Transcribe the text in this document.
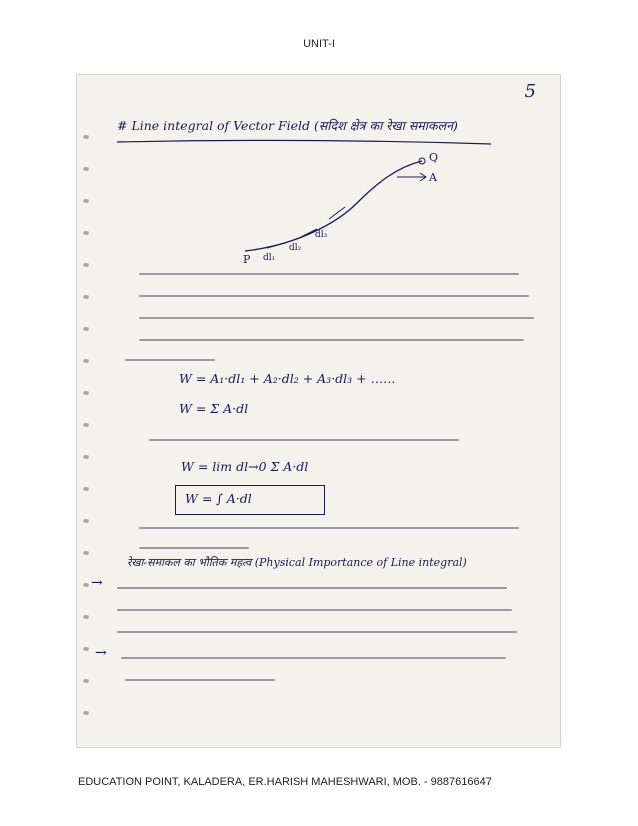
UNIT-I
5
# Line integral of Vector Field (सदिश क्षेत्र का रेखा समाकलन)
P
Q
A
dl₁
dl₂
dl₃
W = A₁·dl₁ + A₂·dl₂ + A₃·dl₃ + ……
W = Σ A·dl
W = lim dl→0 Σ A·dl
W = ∫ A·dl
रेखा-समाकल का भौतिक महत्व (Physical Importance of Line integral)
→
→
EDUCATION POINT, KALADERA, ER.HARISH MAHESHWARI, MOB. - 9887616647
